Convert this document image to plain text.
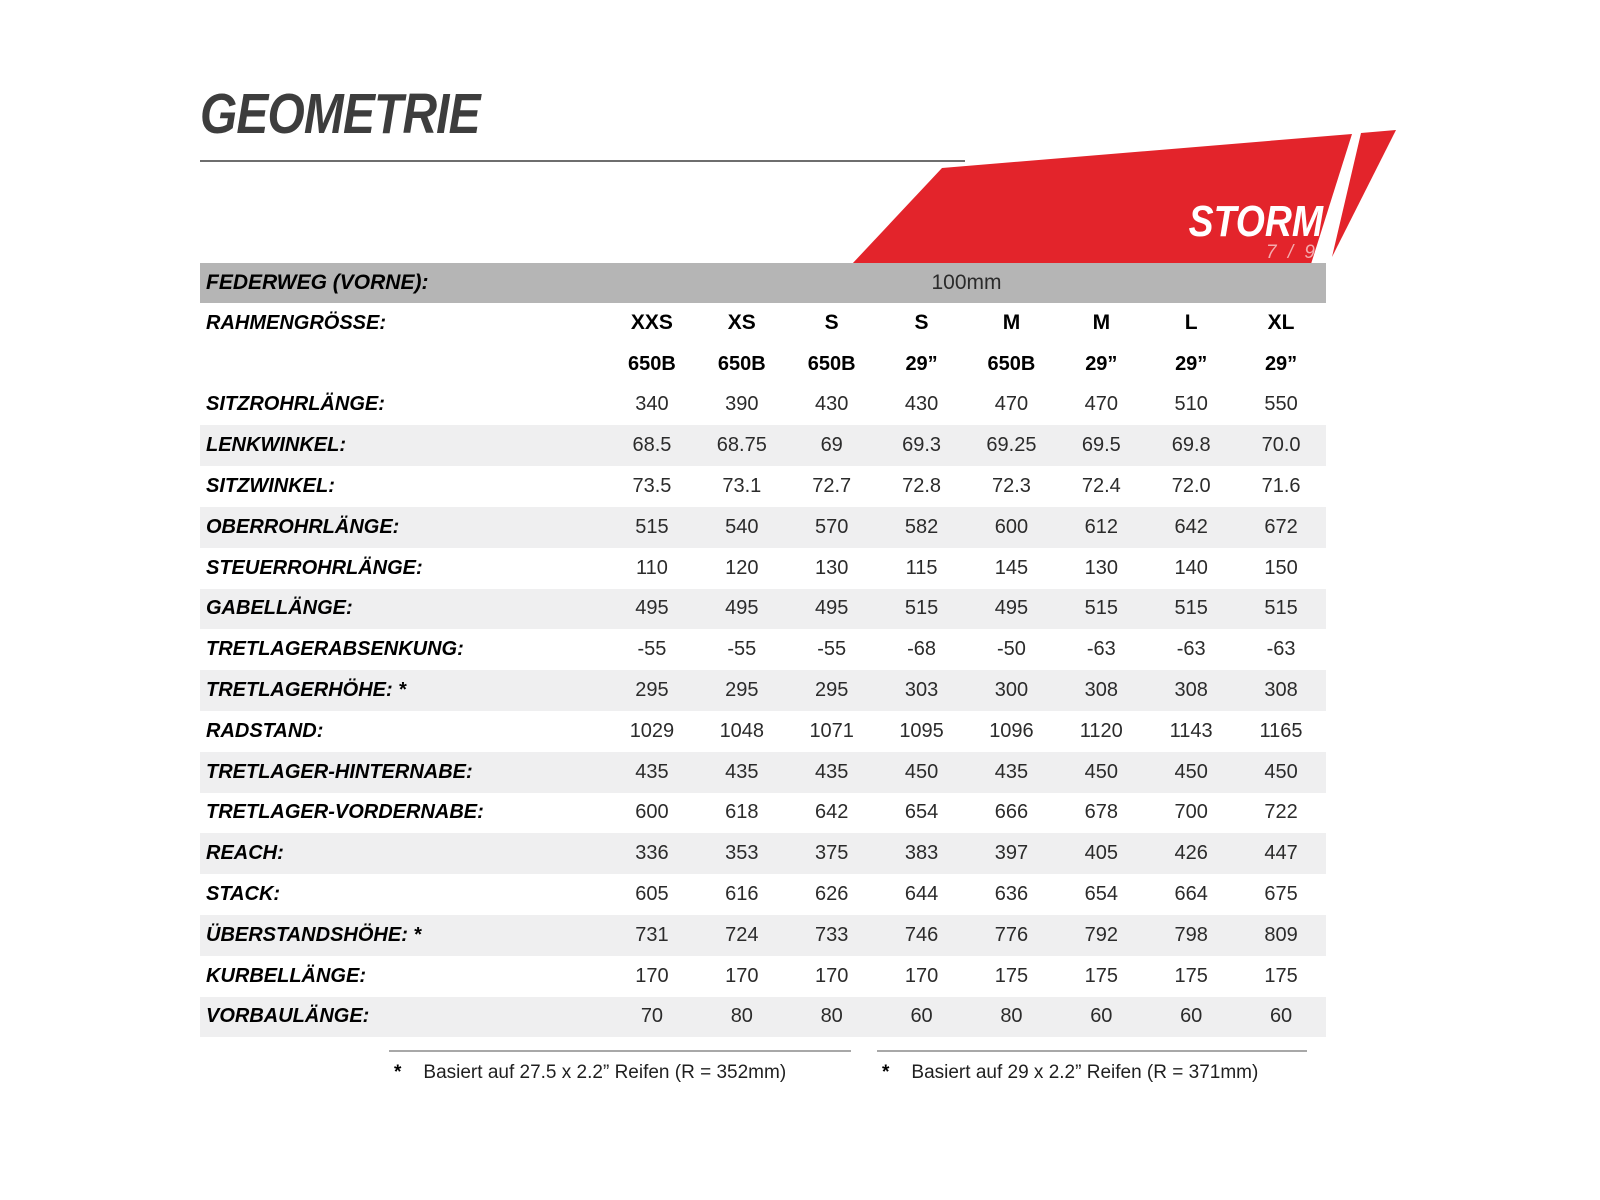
GEOMETRIE
STORM
7 / 9
FEDERWEG (VORNE):	100mm
RAHMENGRÖSSE:	XXS	XS	S	S	M	M	L	XL
650B	650B	650B	29”	650B	29”	29”	29”
SITZROHRLÄNGE:	340	390	430	430	470	470	510	550
LENKWINKEL:	68.5	68.75	69	69.3	69.25	69.5	69.8	70.0
SITZWINKEL:	73.5	73.1	72.7	72.8	72.3	72.4	72.0	71.6
OBERROHRLÄNGE:	515	540	570	582	600	612	642	672
STEUERROHRLÄNGE:	110	120	130	115	145	130	140	150
GABELLÄNGE:	495	495	495	515	495	515	515	515
TRETLAGERABSENKUNG:	-55	-55	-55	-68	-50	-63	-63	-63
TRETLAGERHÖHE: *	295	295	295	303	300	308	308	308
RADSTAND:	1029	1048	1071	1095	1096	1120	1143	1165
TRETLAGER-HINTERNABE:	435	435	435	450	435	450	450	450
TRETLAGER-VORDERNABE:	600	618	642	654	666	678	700	722
REACH:	336	353	375	383	397	405	426	447
STACK:	605	616	626	644	636	654	664	675
ÜBERSTANDSHÖHE: *	731	724	733	746	776	792	798	809
KURBELLÄNGE:	170	170	170	170	175	175	175	175
VORBAULÄNGE:	70	80	80	60	80	60	60	60
* Basiert auf 27.5 x 2.2” Reifen (R = 352mm)	* Basiert auf 29 x 2.2” Reifen (R = 371mm)
